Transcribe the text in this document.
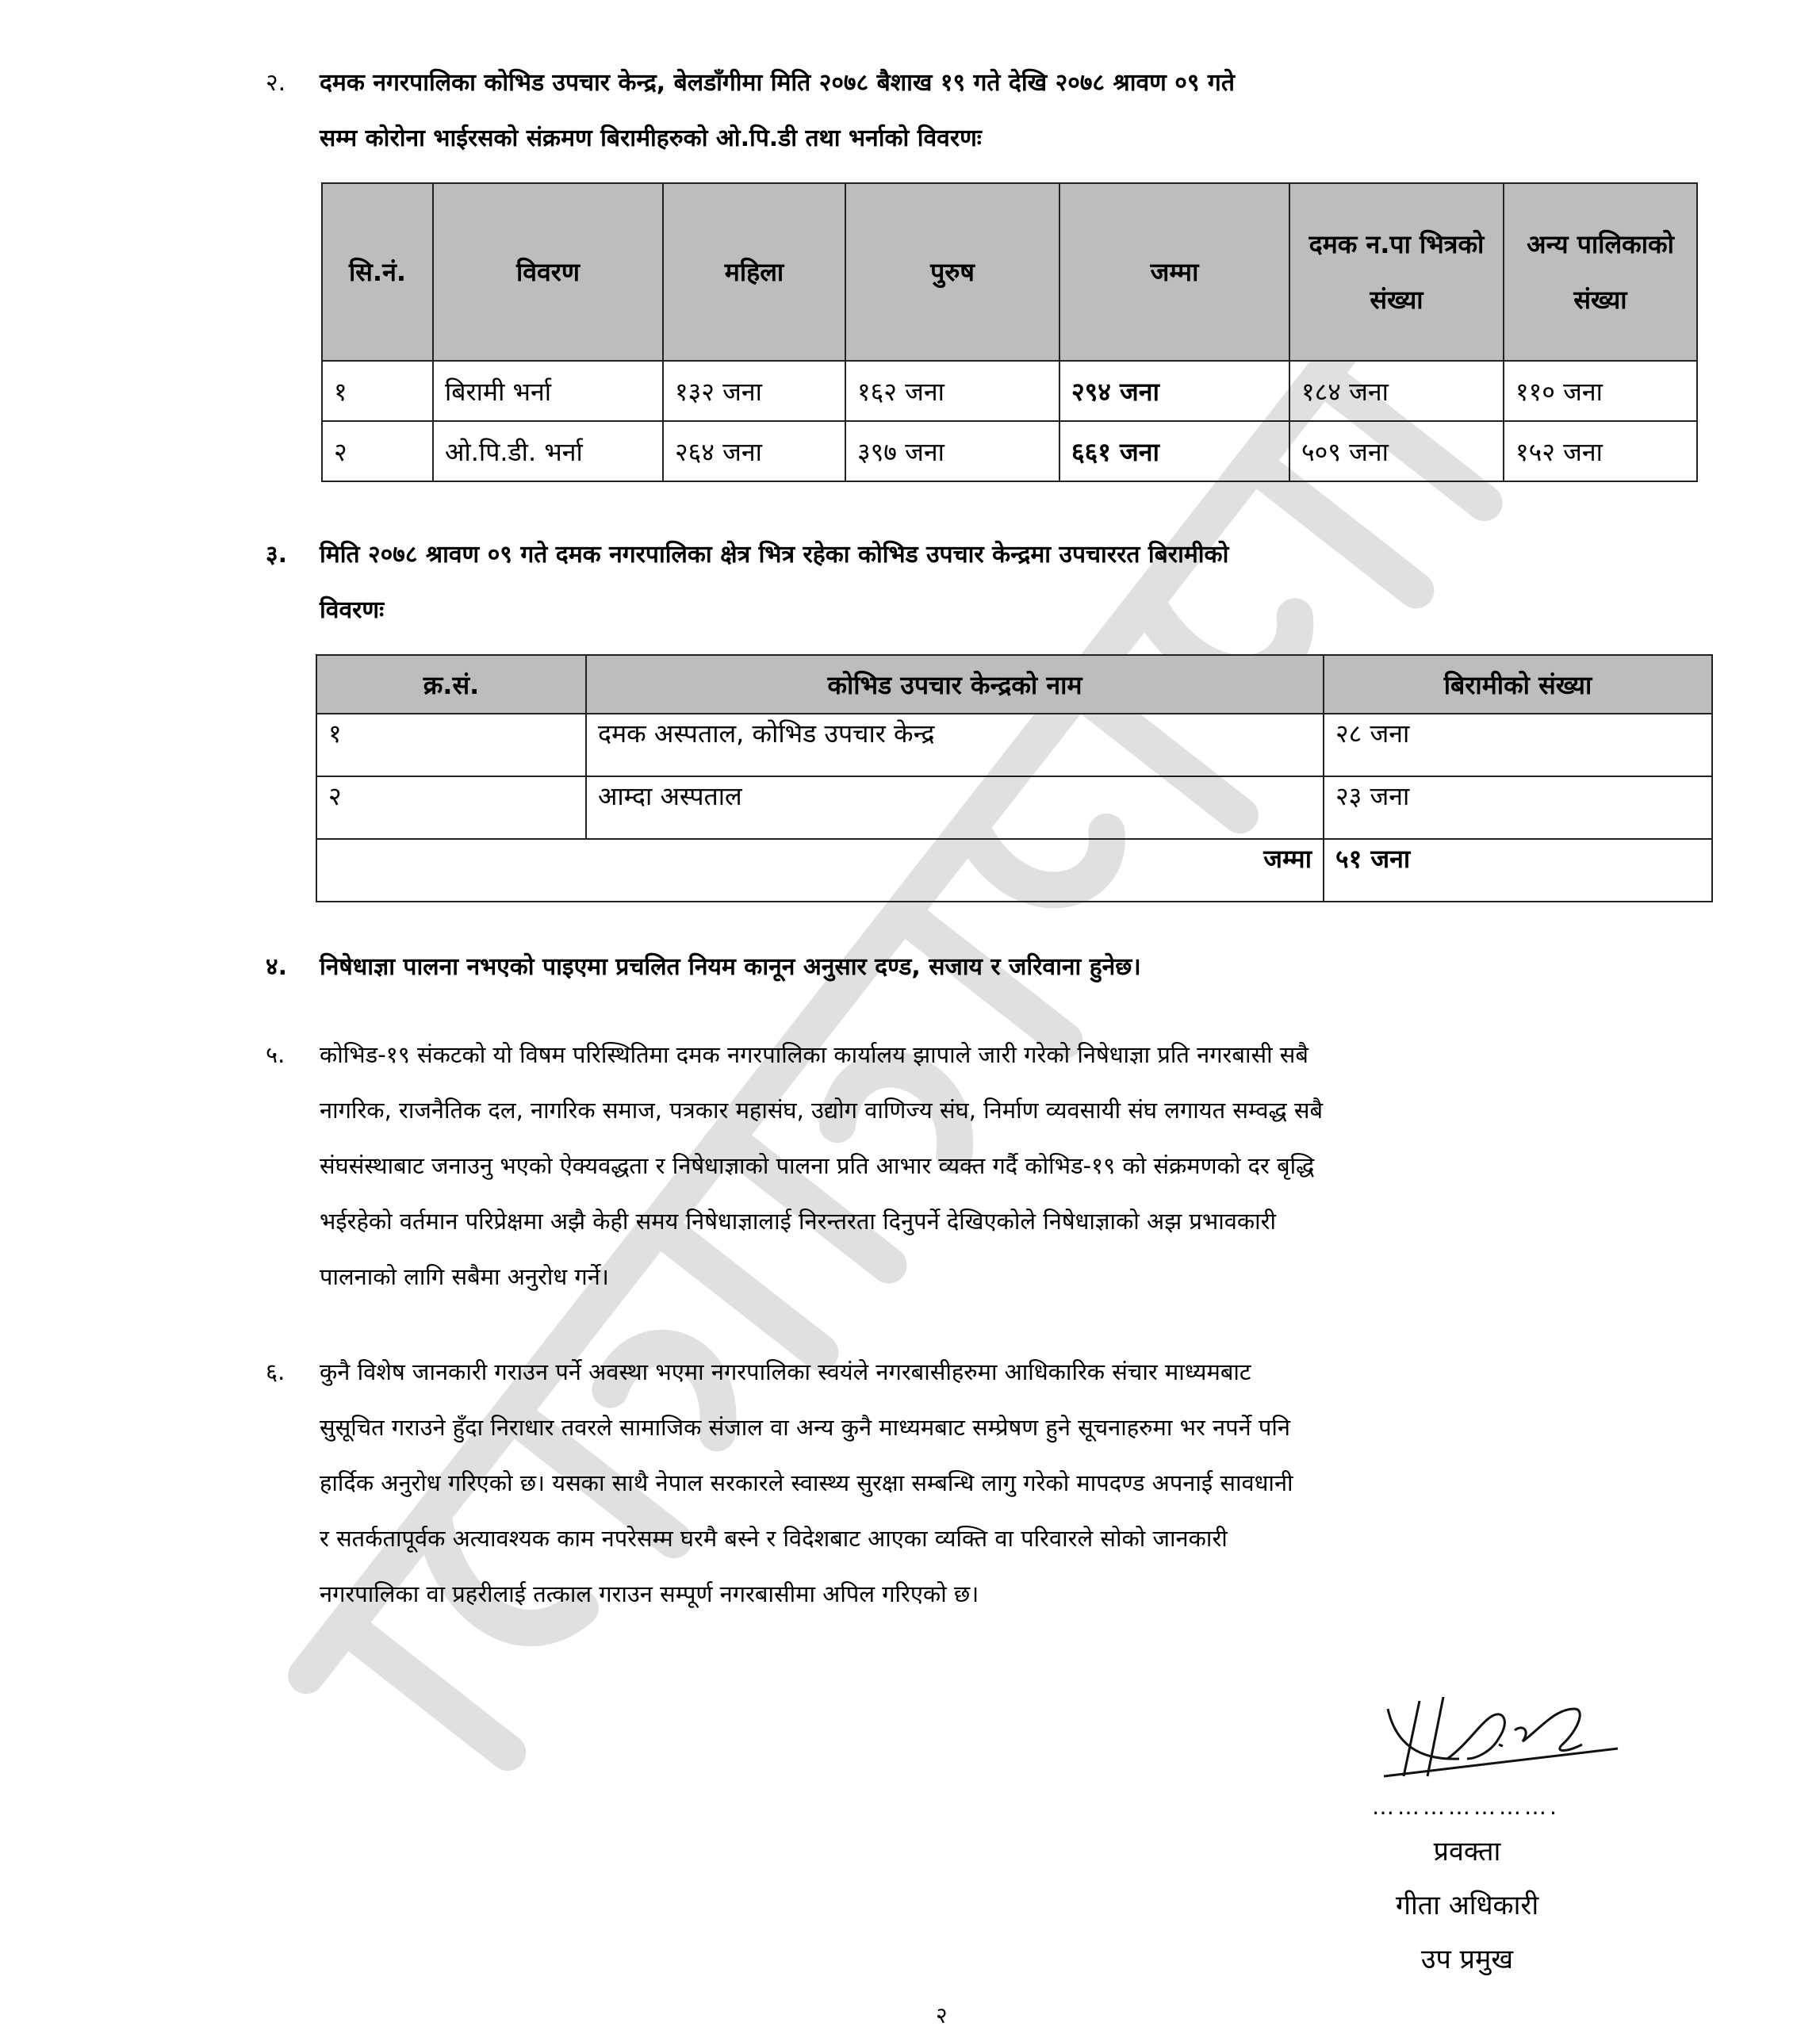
२. दमक नगरपालिका कोभिड उपचार केन्द्र, बेलडाँगीमा मिति २०७८ बैशाख १९ गते देखि २०७८ श्रावण ०९ गते
सम्म कोरोना भाईरसको संक्रमण बिरामीहरुको ओ.पि.डी तथा भर्नाको विवरणः
सि.नं.	विवरण	महिला	पुरुष	जम्मा	दमक न.पा भित्रको संख्या	अन्य पालिकाको संख्या
१	बिरामी भर्ना	१३२ जना	१६२ जना	२९४ जना	१८४ जना	११० जना
२	ओ.पि.डी. भर्ना	२६४ जना	३९७ जना	६६१ जना	५०९ जना	१५२ जना
३. मिति २०७८ श्रावण ०९ गते दमक नगरपालिका क्षेत्र भित्र रहेका कोभिड उपचार केन्द्रमा उपचाररत बिरामीको
विवरणः
क्र.सं.	कोभिड उपचार केन्द्रको नाम	बिरामीको संख्या
१	दमक अस्पताल, कोभिड उपचार केन्द्र	२८ जना
२	आम्दा अस्पताल	२३ जना
जम्मा		५१ जना
४. निषेधाज्ञा पालना नभएको पाइएमा प्रचलित नियम कानून अनुसार दण्ड, सजाय र जरिवाना हुनेछ।
५. कोभिड-१९ संकटको यो विषम परिस्थितिमा दमक नगरपालिका कार्यालय झापाले जारी गरेको निषेधाज्ञा प्रति नगरबासी सबै
नागरिक, राजनैतिक दल, नागरिक समाज, पत्रकार महासंघ, उद्योग वाणिज्य संघ, निर्माण व्यवसायी संघ लगायत सम्वद्ध सबै
संघसंस्थाबाट जनाउनु भएको ऐक्यवद्धता र निषेधाज्ञाको पालना प्रति आभार व्यक्त गर्दै कोभिड-१९ को संक्रमणको दर बृद्धि
भईरहेको वर्तमान परिप्रेक्षमा अझै केही समय निषेधाज्ञालाई निरन्तरता दिनुपर्ने देखिएकोले निषेधाज्ञाको अझ प्रभावकारी
पालनाको लागि सबैमा अनुरोध गर्ने।
६. कुनै विशेष जानकारी गराउन पर्ने अवस्था भएमा नगरपालिका स्वयंले नगरबासीहरुमा आधिकारिक संचार माध्यमबाट
सुसूचित गराउने हुँदा निराधार तवरले सामाजिक संजाल वा अन्य कुनै माध्यमबाट सम्प्रेषण हुने सूचनाहरुमा भर नपर्ने पनि
हार्दिक अनुरोध गरिएको छ। यसका साथै नेपाल सरकारले स्वास्थ्य सुरक्षा सम्बन्धि लागु गरेको मापदण्ड अपनाई सावधानी
र सतर्कतापूर्वक अत्यावश्यक काम नपरेसम्म घरमै बस्ने र विदेशबाट आएका व्यक्ति वा परिवारले सोको जानकारी
नगरपालिका वा प्रहरीलाई तत्काल गराउन सम्पूर्ण नगरबासीमा अपिल गरिएको छ।
………………….
प्रवक्ता
गीता अधिकारी
उप प्रमुख
२
